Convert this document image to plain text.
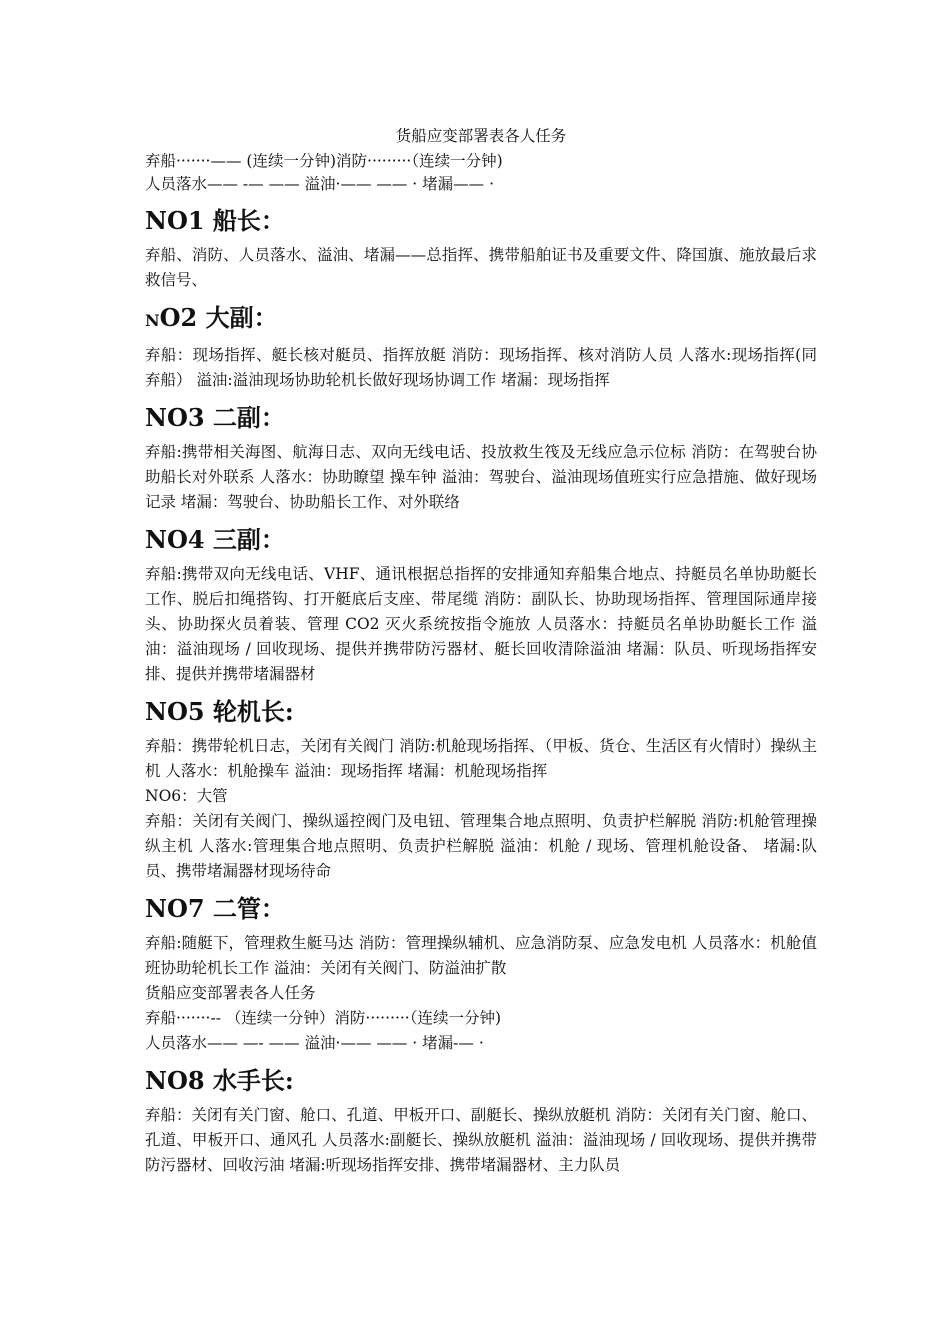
货船应变部署表各人任务

弃船·······—— (连续一分钟)消防·········（连续一分钟)

人员落水—— -— —— 溢油·—— —— · 堵漏—— ·

NO1 船长：

弃船、消防、人员落水、溢油、堵漏——总指挥、携带船舶证书及重要文件、降国旗、施放最后求救信号、

NO2 大副：

弃船：现场指挥、艇长核对艇员、指挥放艇 消防：现场指挥、核对消防人员 人落水:现场指挥(同弃船） 溢油:溢油现场协助轮机长做好现场协调工作 堵漏：现场指挥

NO3 二副：

弃船:携带相关海图、航海日志、双向无线电话、投放救生筏及无线应急示位标 消防：在驾驶台协助船长对外联系 人落水：协助瞭望 操车钟 溢油：驾驶台、溢油现场值班实行应急措施、做好现场记录 堵漏：驾驶台、协助船长工作、对外联络

NO4 三副：

弃船:携带双向无线电话、VHF、通讯根据总指挥的安排通知弃船集合地点、持艇员名单协助艇长工作、脱后扣绳搭钩、打开艇底后支座、带尾缆 消防：副队长、协助现场指挥、管理国际通岸接头、协助探火员着装、管理 CO2 灭火系统按指令施放 人员落水：持艇员名单协助艇长工作 溢油：溢油现场 / 回收现场、提供并携带防污器材、艇长回收清除溢油 堵漏：队员、听现场指挥安排、提供并携带堵漏器材

NO5 轮机长:

弃船：携带轮机日志，关闭有关阀门 消防:机舱现场指挥、（甲板、货仓、生活区有火情时）操纵主机 人落水：机舱操车 溢油：现场指挥 堵漏：机舱现场指挥

NO6：大管

弃船：关闭有关阀门、操纵遥控阀门及电钮、管理集合地点照明、负责护栏解脱 消防:机舱管理操纵主机 人落水:管理集合地点照明、负责护栏解脱 溢油：机舱 / 现场、管理机舱设备、 堵漏:队员、携带堵漏器材现场待命

NO7 二管：

弃船:随艇下，管理救生艇马达 消防：管理操纵辅机、应急消防泵、应急发电机 人员落水：机舱值班协助轮机长工作 溢油：关闭有关阀门、防溢油扩散

货船应变部署表各人任务

弃船·······-- （连续一分钟）消防·········（连续一分钟)

人员落水—— —- —— 溢油·—— —— · 堵漏-— ·

NO8 水手长:

弃船：关闭有关门窗、舱口、孔道、甲板开口、副艇长、操纵放艇机 消防：关闭有关门窗、舱口、孔道、甲板开口、通风孔 人员落水:副艇长、操纵放艇机 溢油：溢油现场 / 回收现场、提供并携带防污器材、回收污油 堵漏:听现场指挥安排、携带堵漏器材、主力队员
